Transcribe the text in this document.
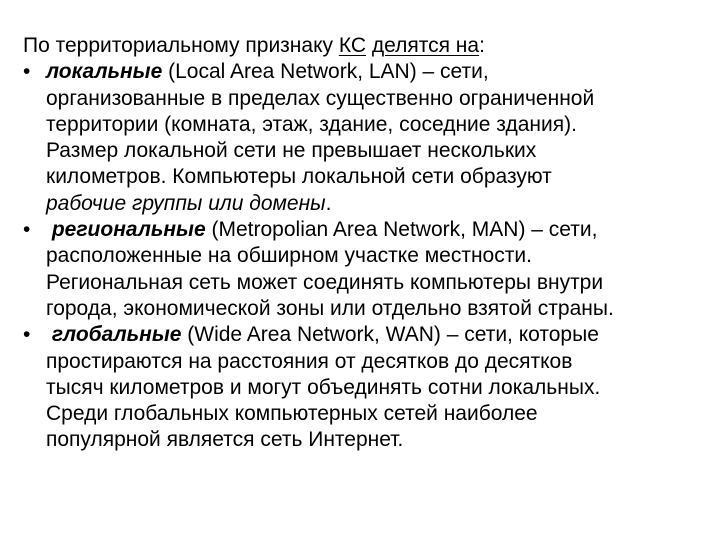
По территориальному признаку КС делятся на:
• локальные (Local Area Network, LAN) – сети,
организованные в пределах существенно ограниченной
территории (комната, этаж, здание, соседние здания).
Размер локальной сети не превышает нескольких
километров. Компьютеры локальной сети образуют
рабочие группы или домены.
•	региональные (Metropolian Area Network, MAN) – сети,
расположенные на обширном участке местности.
Региональная сеть может соединять компьютеры внутри
города, экономической зоны или отдельно взятой страны.
•	глобальные (Wide Area Network, WAN) – сети, которые
простираются на расстояния от десятков до десятков
тысяч километров и могут объединять сотни локальных.
Среди глобальных компьютерных сетей наиболее
популярной является сеть Интернет.
